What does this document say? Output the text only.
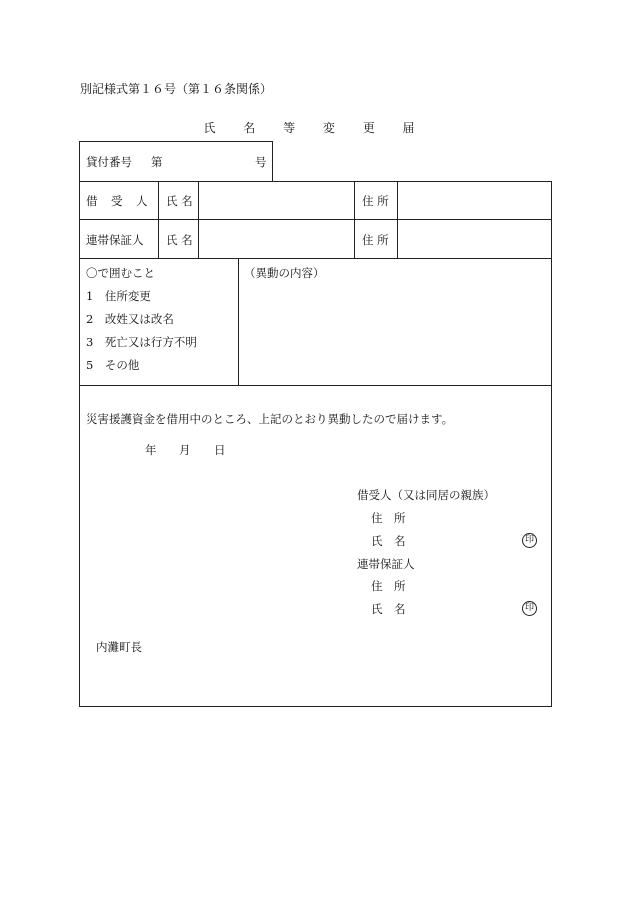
別記様式第１６号（第１６条関係）
氏 名 等 変 更 届
貸付番号 第	号
借　受　人 氏 名	住 所
連帯保証人 氏 名	住 所
〇で囲むこと
1　住所変更
2　改姓又は改名
3　死亡又は行方不明
5　その他
（異動の内容）
災害援護資金を借用中のところ、上記のとおり異動したので届けます。
年 月 日
借受人（又は同居の親族）
住　所
氏　名	印
連帯保証人
住　所
氏　名	印
内灘町長
